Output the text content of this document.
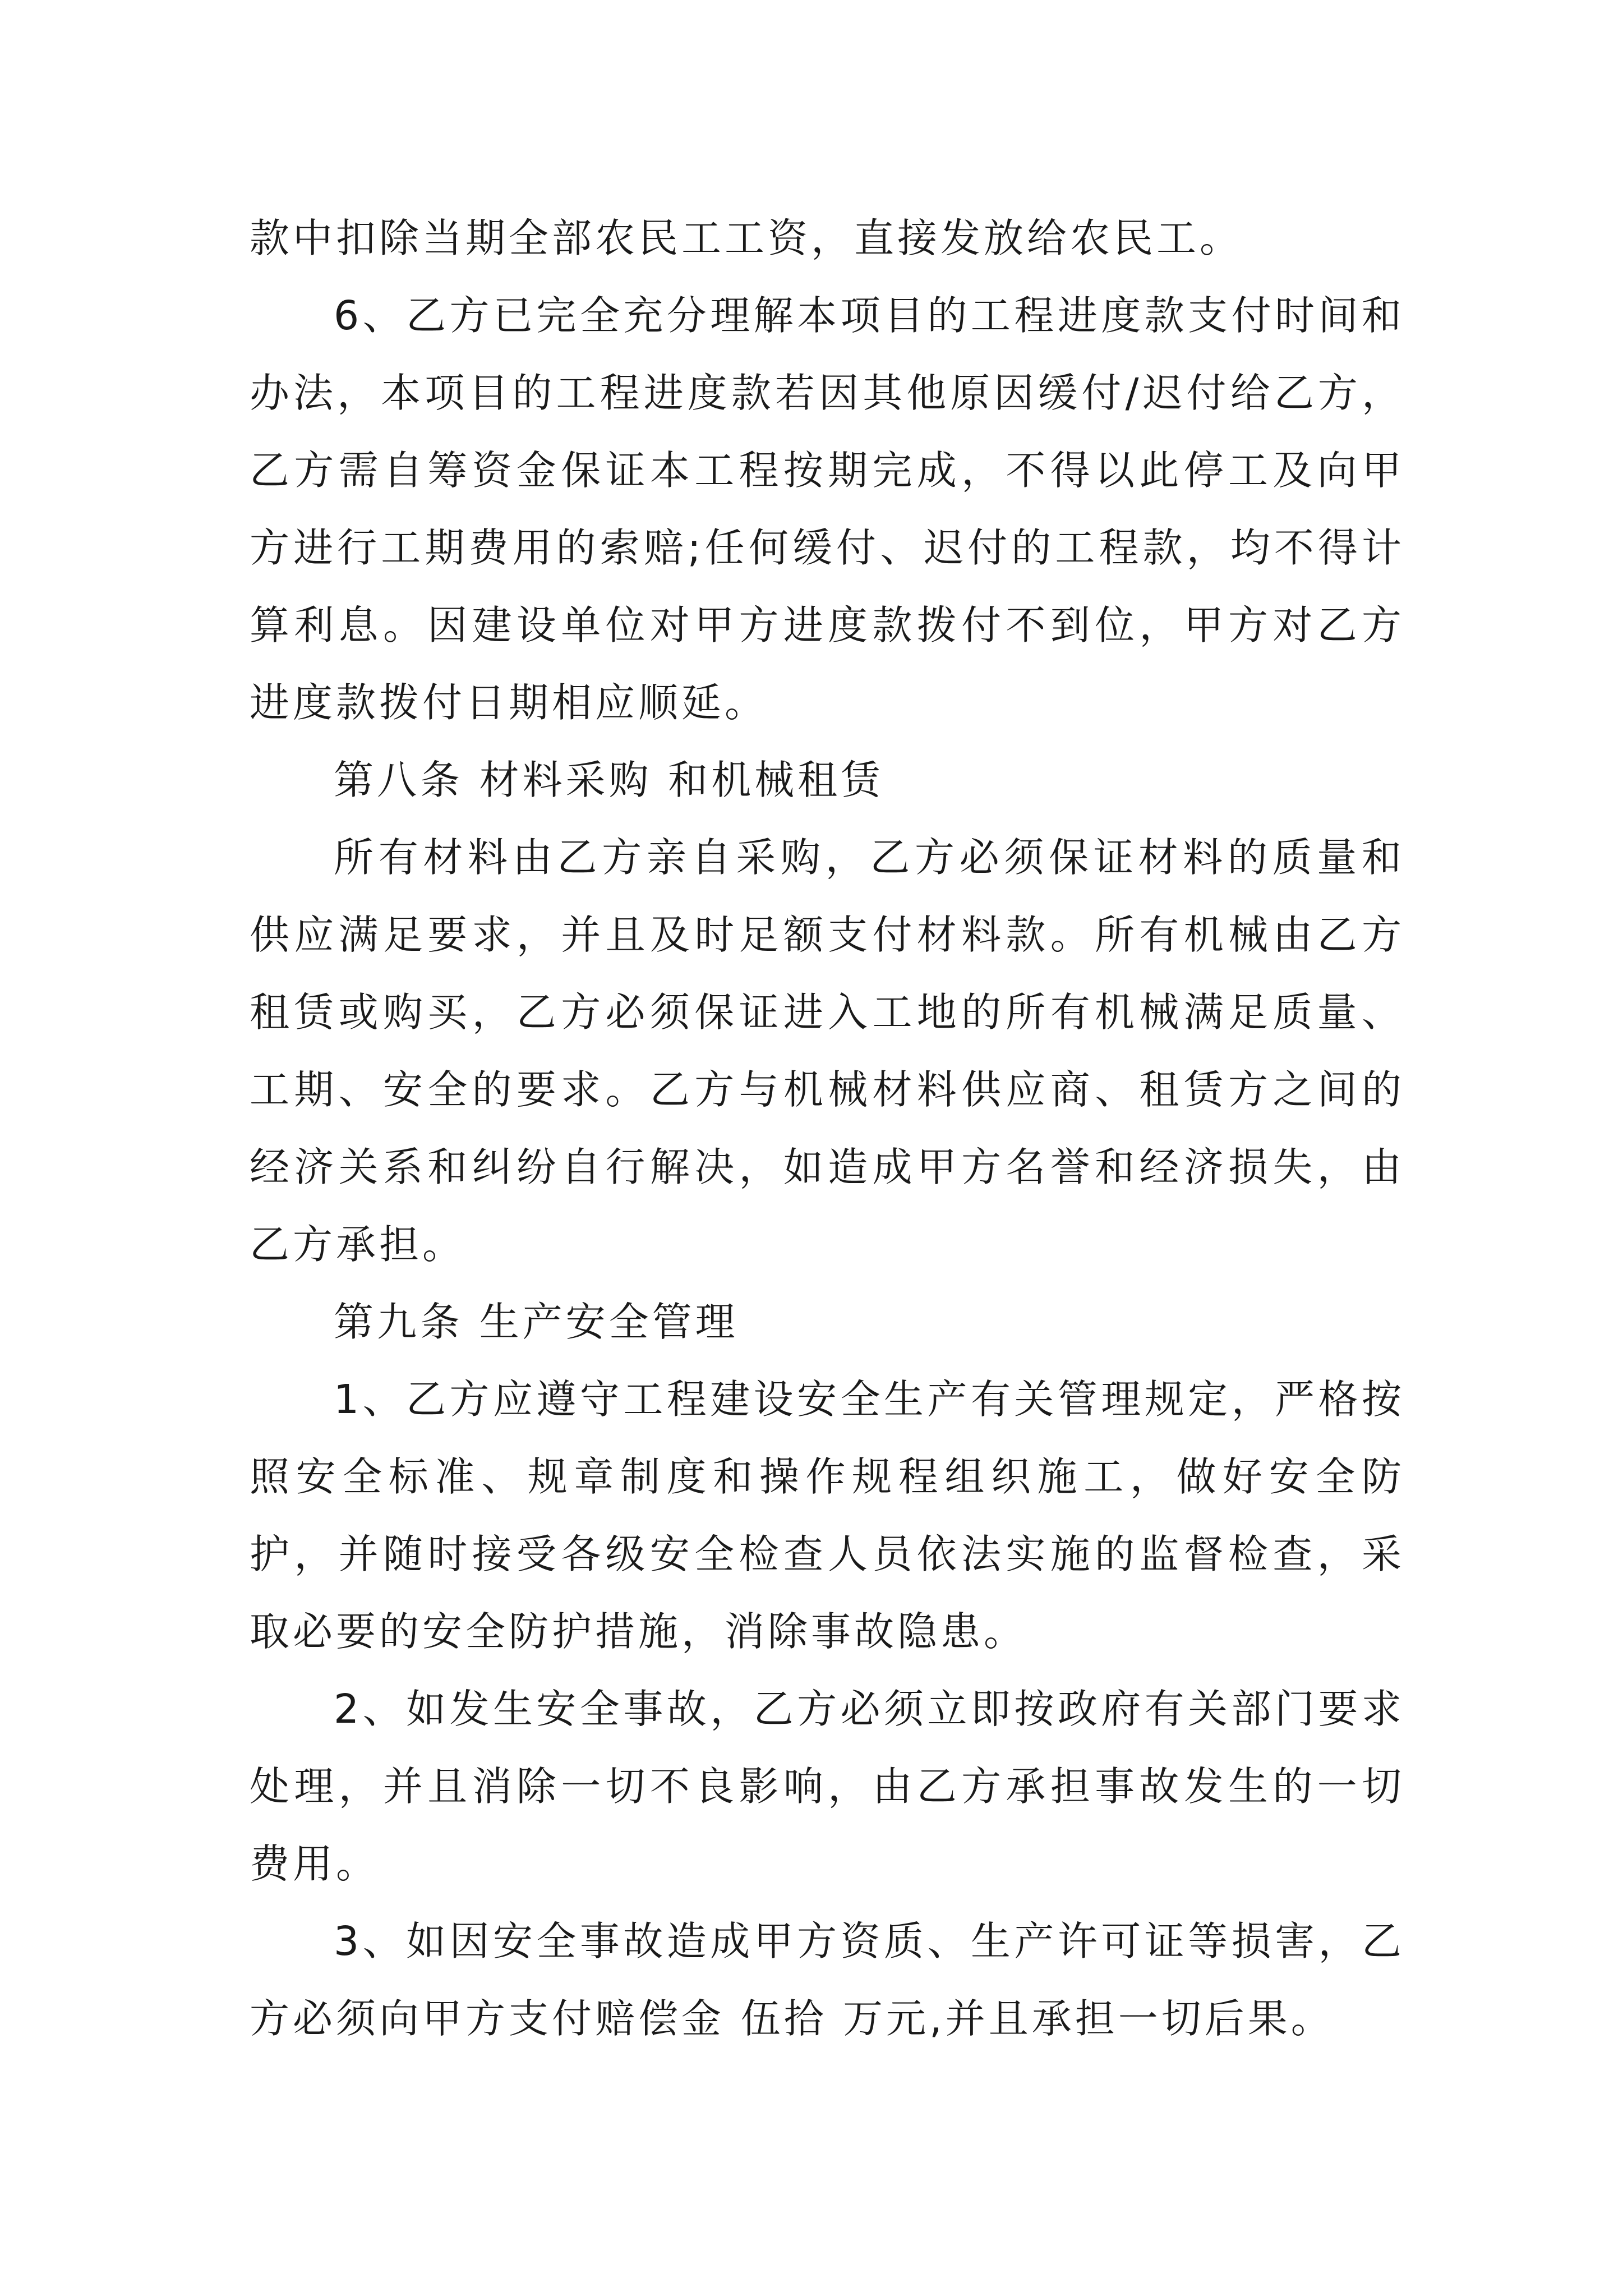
款中扣除当期全部农民工工资，直接发放给农民工。

6、乙方已完全充分理解本项目的工程进度款支付时间和办法，本项目的工程进度款若因其他原因缓付/迟付给乙方，乙方需自筹资金保证本工程按期完成，不得以此停工及向甲方进行工期费用的索赔;任何缓付、迟付的工程款，均不得计算利息。因建设单位对甲方进度款拨付不到位，甲方对乙方进度款拨付日期相应顺延。

第八条 材料采购 和机械租赁

所有材料由乙方亲自采购，乙方必须保证材料的质量和供应满足要求，并且及时足额支付材料款。所有机械由乙方租赁或购买，乙方必须保证进入工地的所有机械满足质量、工期、安全的要求。乙方与机械材料供应商、租赁方之间的经济关系和纠纷自行解决，如造成甲方名誉和经济损失，由乙方承担。

第九条 生产安全管理

1、乙方应遵守工程建设安全生产有关管理规定，严格按照安全标准、规章制度和操作规程组织施工，做好安全防护，并随时接受各级安全检查人员依法实施的监督检查，采取必要的安全防护措施，消除事故隐患。

2、如发生安全事故，乙方必须立即按政府有关部门要求处理，并且消除一切不良影响，由乙方承担事故发生的一切费用。

3、如因安全事故造成甲方资质、生产许可证等损害，乙方必须向甲方支付赔偿金 伍拾 万元,并且承担一切后果。
